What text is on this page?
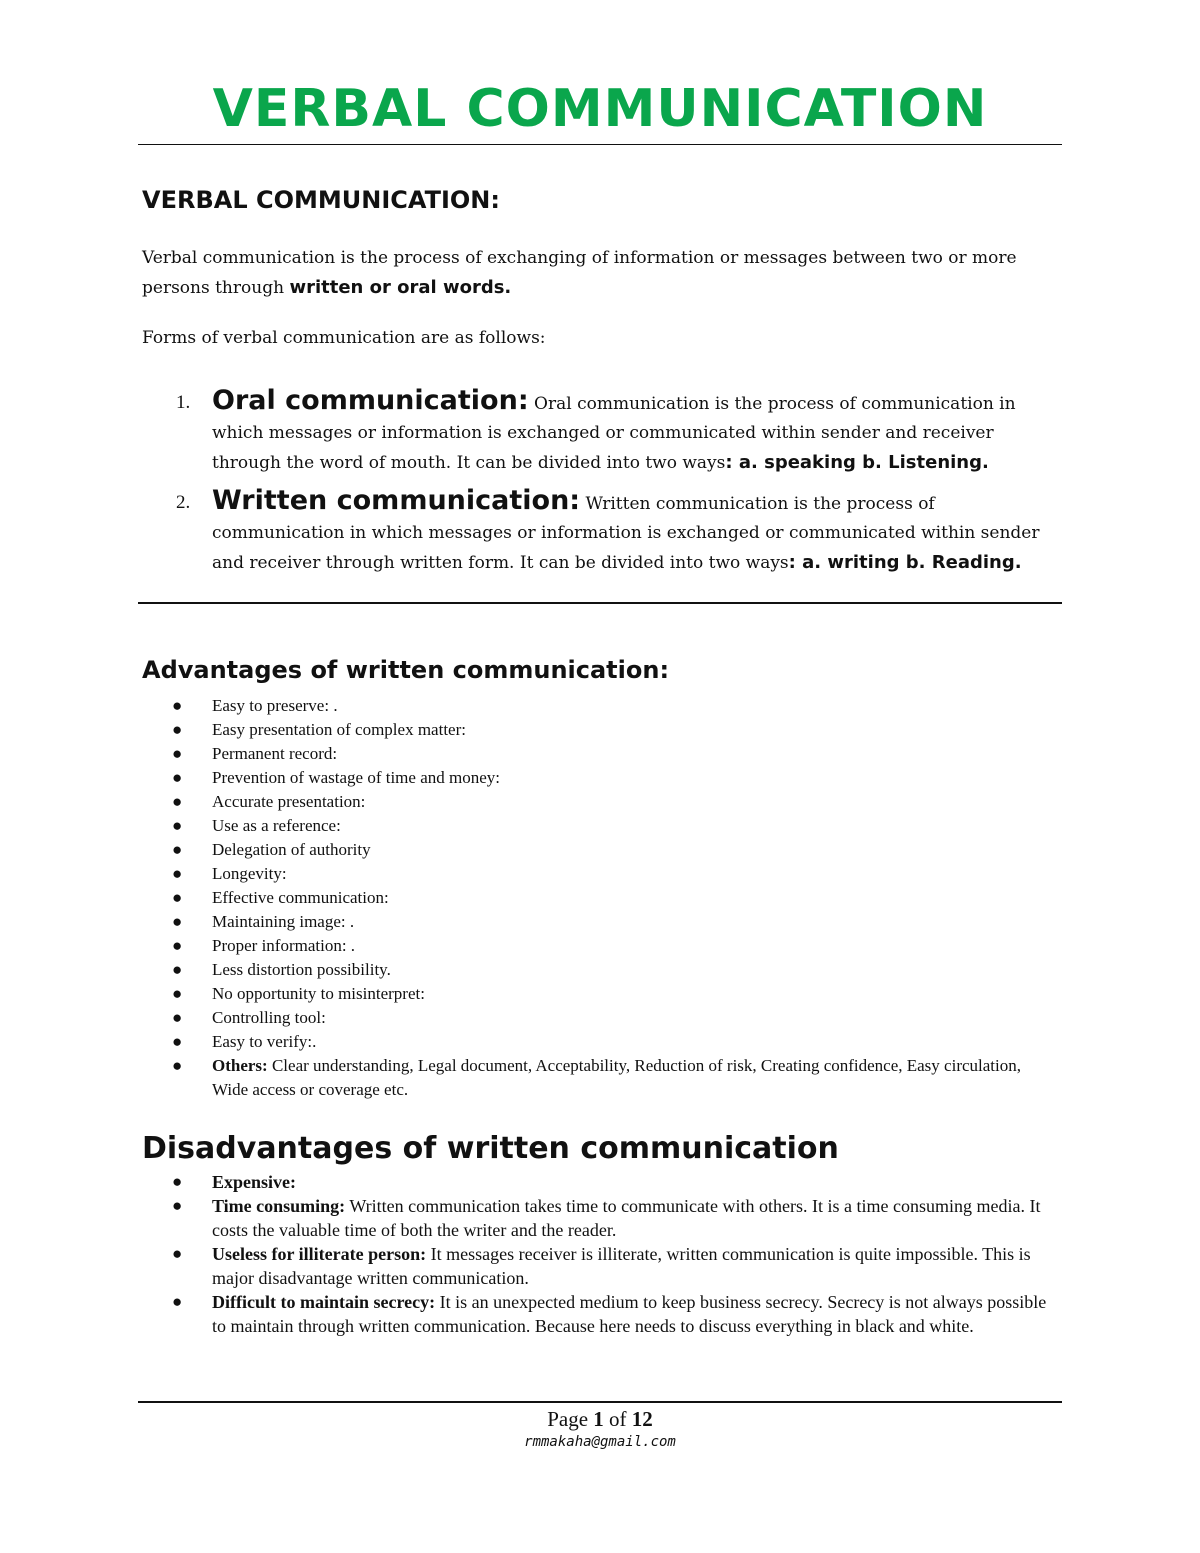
VERBAL COMMUNICATION
VERBAL COMMUNICATION:

Verbal communication is the process of exchanging of information or messages between two or more persons through written or oral words.

Forms of verbal communication are as follows:

1. Oral communication: Oral communication is the process of communication in which messages or information is exchanged or communicated within sender and receiver through the word of mouth. It can be divided into two ways: a. speaking b. Listening.
2. Written communication: Written communication is the process of communication in which messages or information is exchanged or communicated within sender and receiver through written form. It can be divided into two ways: a. writing b. Reading.
Advantages of written communication:
● Easy to preserve: .
● Easy presentation of complex matter:
● Permanent record:
● Prevention of wastage of time and money:
● Accurate presentation:
● Use as a reference:
● Delegation of authority
● Longevity:
● Effective communication:
● Maintaining image: .
● Proper information: .
● Less distortion possibility.
● No opportunity to misinterpret:
● Controlling tool:
● Easy to verify:.
● Others: Clear understanding, Legal document, Acceptability, Reduction of risk, Creating confidence, Easy circulation, Wide access or coverage etc.
Disadvantages of written communication
● Expensive:
● Time consuming: Written communication takes time to communicate with others. It is a time consuming media. It costs the valuable time of both the writer and the reader.
● Useless for illiterate person: It messages receiver is illiterate, written communication is quite impossible. This is major disadvantage written communication.
● Difficult to maintain secrecy: It is an unexpected medium to keep business secrecy. Secrecy is not always possible to maintain through written communication. Because here needs to discuss everything in black and white.

Page 1 of 12

rmmakaha@gmail.com
